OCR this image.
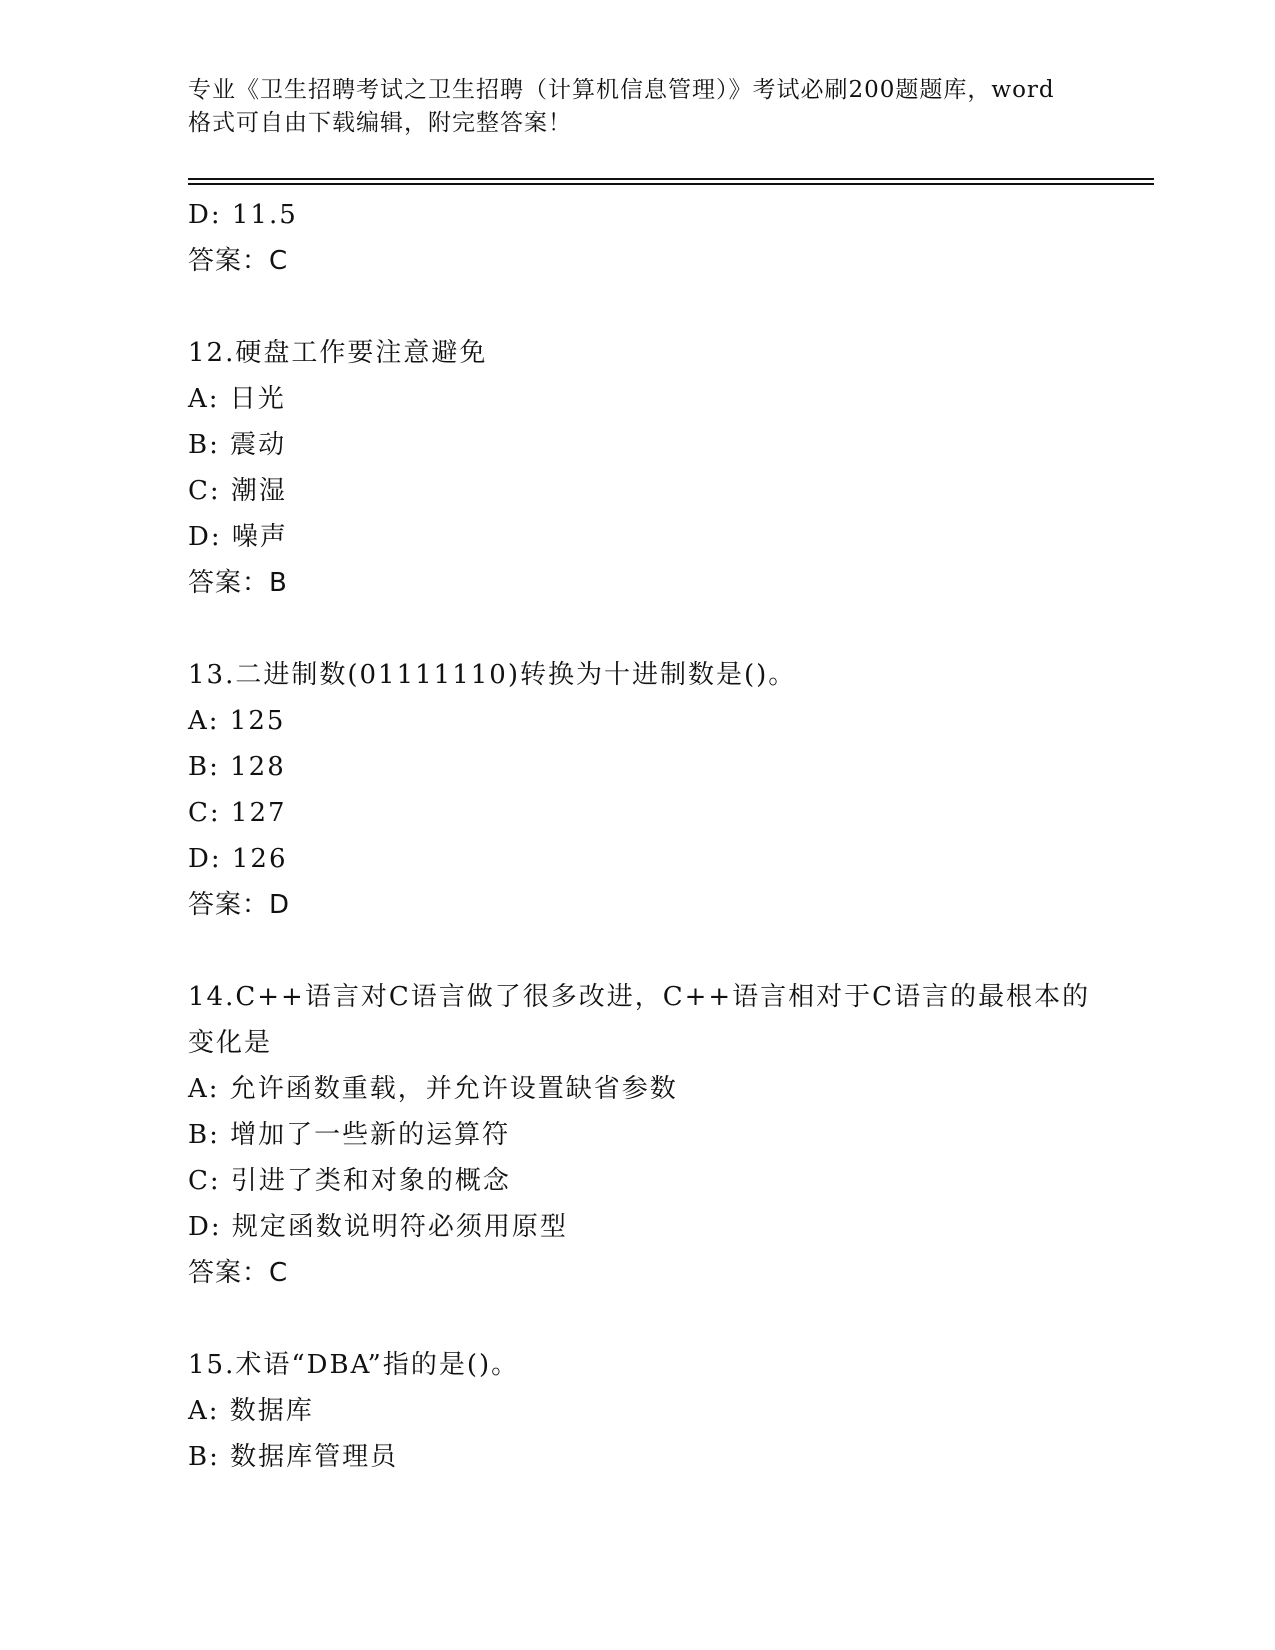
专业《卫生招聘考试之卫生招聘（计算机信息管理）》考试必刷200题题库，word
格式可自由下载编辑，附完整答案！
D: 11.5
答案：C
12.硬盘工作要注意避免
A: 日光
B: 震动
C: 潮湿
D: 噪声
答案：B
13.二进制数(01111110)转换为十进制数是()。
A: 125
B: 128
C: 127
D: 126
答案：D
14.C++语言对C语言做了很多改进，C++语言相对于C语言的最根本的
变化是
A: 允许函数重载，并允许设置缺省参数
B: 增加了一些新的运算符
C: 引进了类和对象的概念
D: 规定函数说明符必须用原型
答案：C
15.术语“DBA”指的是()。
A: 数据库
B: 数据库管理员
